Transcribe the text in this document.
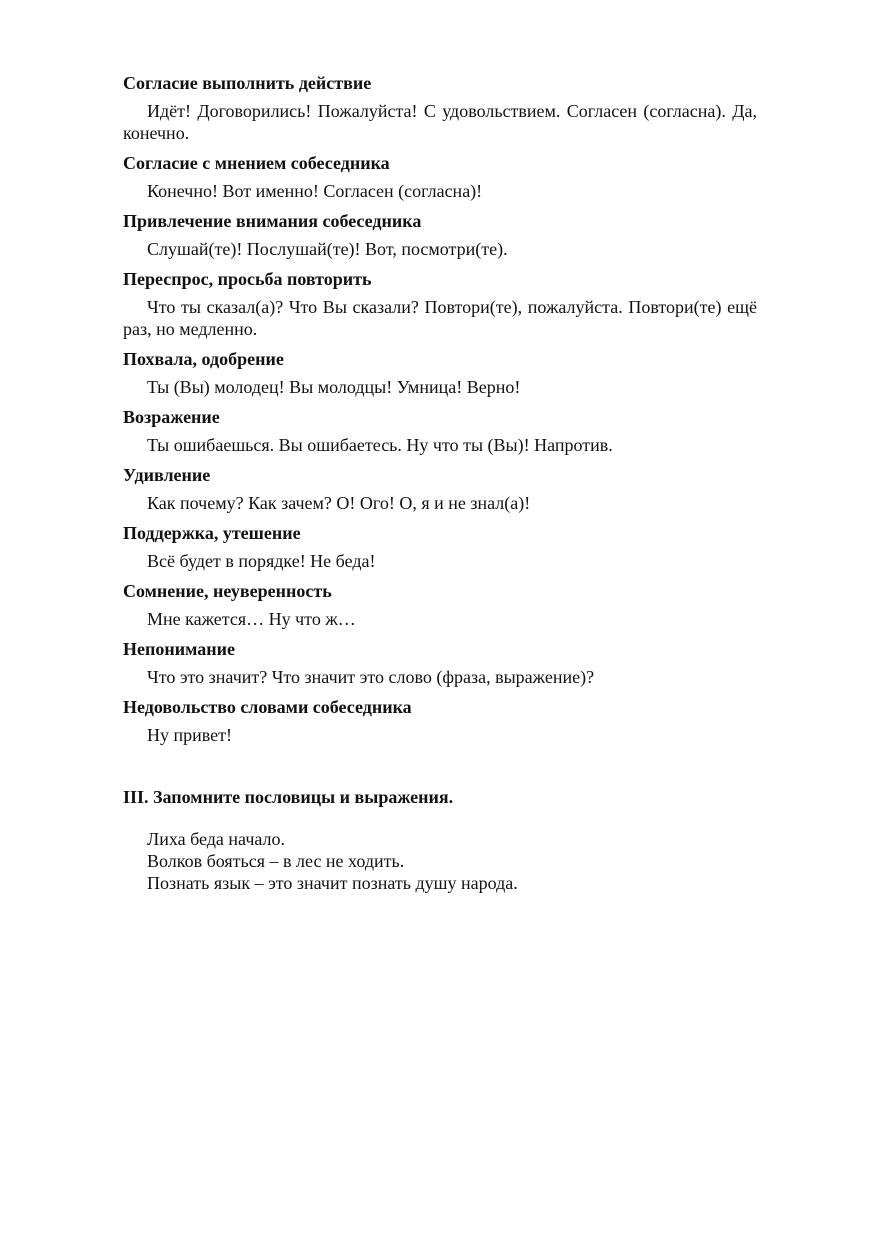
Согласие выполнить действие

Идёт! Договорились! Пожалуйста! С удовольствием. Согласен (согласна). Да, конечно.

Согласие с мнением собеседника

Конечно! Вот именно! Согласен (согласна)!

Привлечение внимания собеседника

Слушай(те)! Послушай(те)! Вот, посмотри(те).

Переспрос, просьба повторить

Что ты сказал(а)? Что Вы сказали? Повтори(те), пожалуйста. Повтори(те) ещё раз, но медленно.

Похвала, одобрение

Ты (Вы) молодец! Вы молодцы! Умница! Верно!

Возражение

Ты ошибаешься. Вы ошибаетесь. Ну что ты (Вы)! Напротив.

Удивление

Как почему? Как зачем? О! Ого! О, я и не знал(а)!

Поддержка, утешение

Всё будет в порядке! Не беда!

Сомнение, неуверенность

Мне кажется… Ну что ж…

Непонимание

Что это значит? Что значит это слово (фраза, выражение)?

Недовольство словами собеседника

Ну привет!

III. Запомните пословицы и выражения.

Лиха беда начало.

Волков бояться – в лес не ходить.

Познать язык – это значит познать душу народа.
